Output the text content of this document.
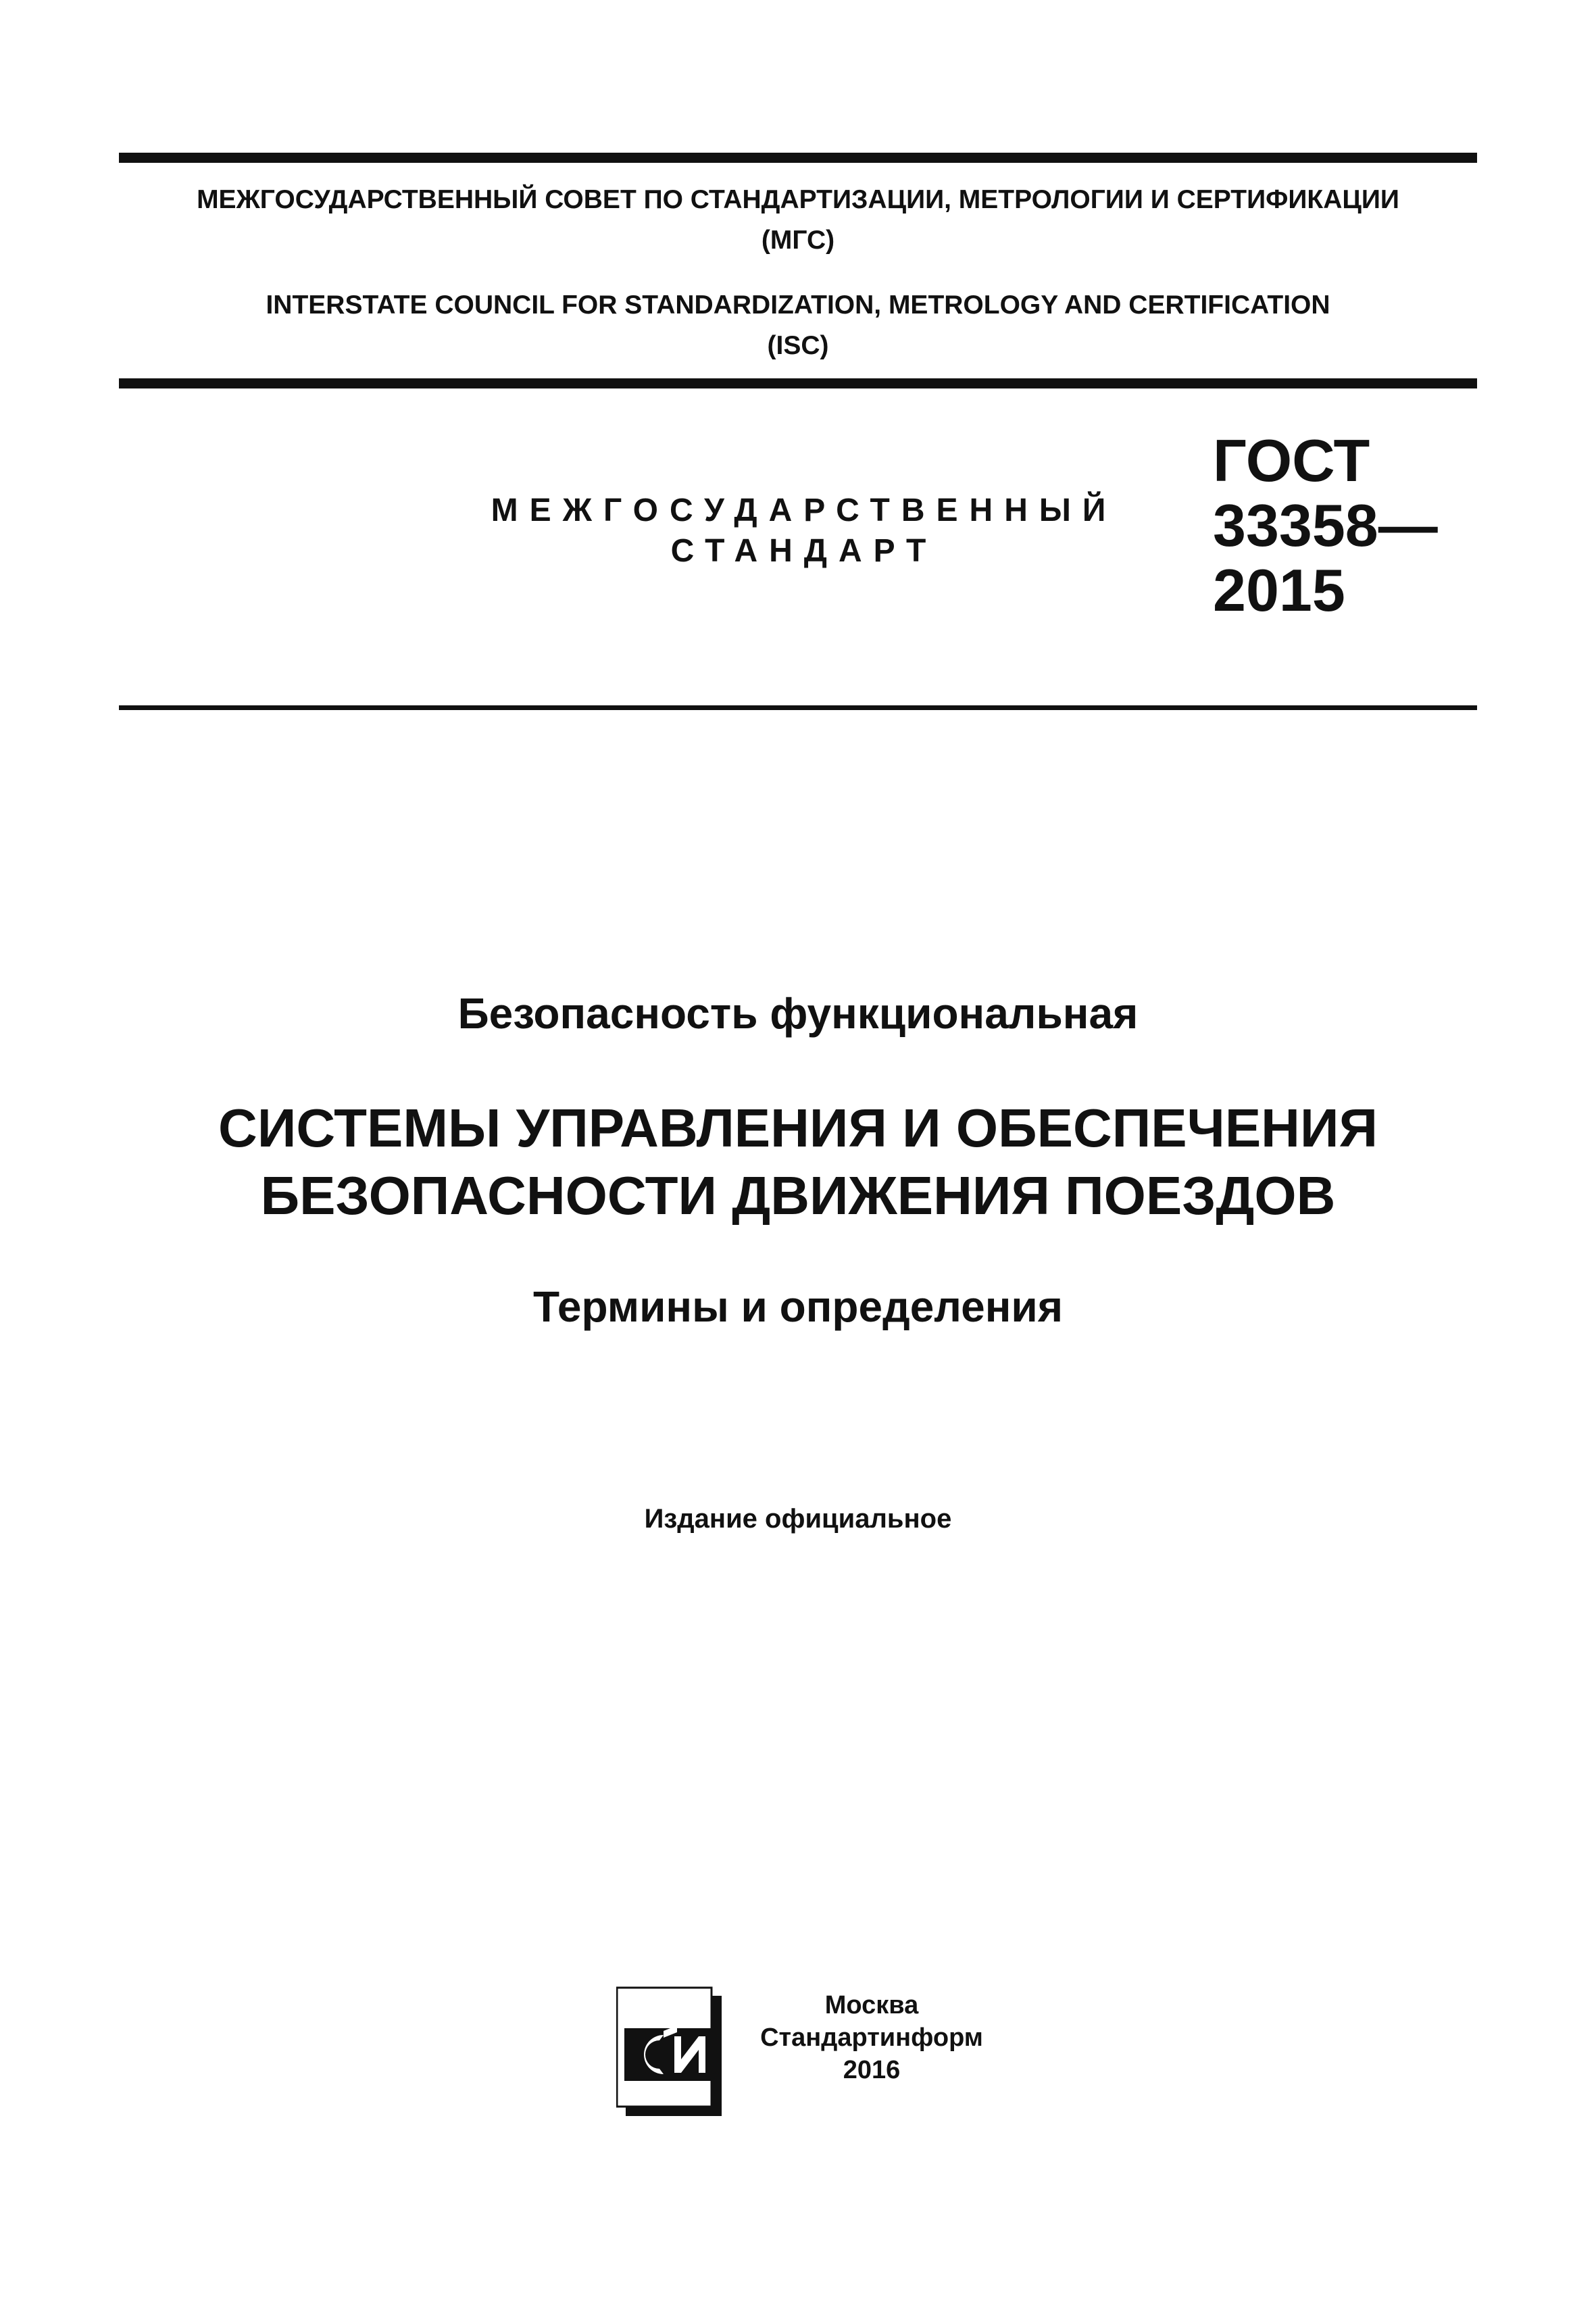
МЕЖГОСУДАРСТВЕННЫЙ СОВЕТ ПО СТАНДАРТИЗАЦИИ, МЕТРОЛОГИИ И СЕРТИФИКАЦИИ
(МГС)
INTERSTATE COUNCIL FOR STANDARDIZATION, METROLOGY AND CERTIFICATION
(ISC)
МЕЖГОСУДАРСТВЕННЫЙ
СТАНДАРТ
ГОСТ
33358—
2015
Безопасность функциональная
СИСТЕМЫ УПРАВЛЕНИЯ И ОБЕСПЕЧЕНИЯ
БЕЗОПАСНОСТИ ДВИЖЕНИЯ ПОЕЗДОВ
Термины и определения
Издание официальное
Москва
Стандартинформ
2016
